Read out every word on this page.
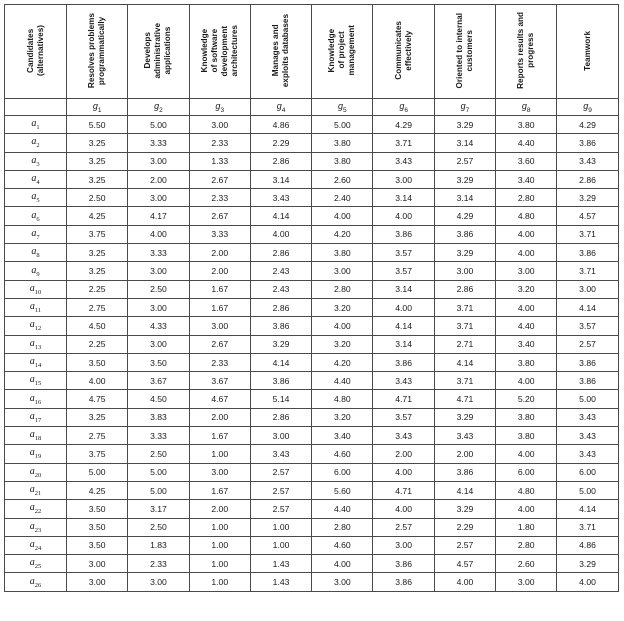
Candidates
(alternatives)	Resolves problems
programmatically	Develops
administrative
applications	Knowledge
of software
development
architectures	Manages and
exploits databases	Knowledge
of project
management	Communicates
effectively	Oriented to internal
customers	Reports results and
progress	Teamwork
	$g_1$	$g_2$	$g_3$	$g_4$	$g_5$	$g_6$	$g_7$	$g_8$	$g_9$
$a_1$	5.50	5.00	3.00	4.86	5.00	4.29	3.29	3.80	4.29
$a_2$	3.25	3.33	2.33	2.29	3.80	3.71	3.14	4.40	3.86
$a_3$	3.25	3.00	1.33	2.86	3.80	3.43	2.57	3.60	3.43
$a_4$	3.25	2.00	2.67	3.14	2.60	3.00	3.29	3.40	2.86
$a_5$	2.50	3.00	2.33	3.43	2.40	3.14	3.14	2.80	3.29
$a_6$	4.25	4.17	2.67	4.14	4.00	4.00	4.29	4.80	4.57
$a_7$	3.75	4.00	3.33	4.00	4.20	3.86	3.86	4.00	3.71
$a_8$	3.25	3.33	2.00	2.86	3.80	3.57	3.29	4.00	3.86
$a_9$	3.25	3.00	2.00	2.43	3.00	3.57	3.00	3.00	3.71
$a_{10}$	2.25	2.50	1.67	2.43	2.80	3.14	2.86	3.20	3.00
$a_{11}$	2.75	3.00	1.67	2.86	3.20	4.00	3.71	4.00	4.14
$a_{12}$	4.50	4.33	3.00	3.86	4.00	4.14	3.71	4.40	3.57
$a_{13}$	2.25	3.00	2.67	3.29	3.20	3.14	2.71	3.40	2.57
$a_{14}$	3.50	3.50	2.33	4.14	4.20	3.86	4.14	3.80	3.86
$a_{15}$	4.00	3.67	3.67	3.86	4.40	3.43	3.71	4.00	3.86
$a_{16}$	4.75	4.50	4.67	5.14	4.80	4.71	4.71	5.20	5.00
$a_{17}$	3.25	3.83	2.00	2.86	3.20	3.57	3.29	3.80	3.43
$a_{18}$	2.75	3.33	1.67	3.00	3.40	3.43	3.43	3.80	3.43
$a_{19}$	3.75	2.50	1.00	3.43	4.60	2.00	2.00	4.00	3.43
$a_{20}$	5.00	5.00	3.00	2.57	6.00	4.00	3.86	6.00	6.00
$a_{21}$	4.25	5.00	1.67	2.57	5.60	4.71	4.14	4.80	5.00
$a_{22}$	3.50	3.17	2.00	2.57	4.40	4.00	3.29	4.00	4.14
$a_{23}$	3.50	2.50	1.00	1.00	2.80	2.57	2.29	1.80	3.71
$a_{24}$	3.50	1.83	1.00	1.00	4.60	3.00	2.57	2.80	4.86
$a_{25}$	3.00	2.33	1.00	1.43	4.00	3.86	4.57	2.60	3.29
$a_{26}$	3.00	3.00	1.00	1.43	3.00	3.86	4.00	3.00	4.00
